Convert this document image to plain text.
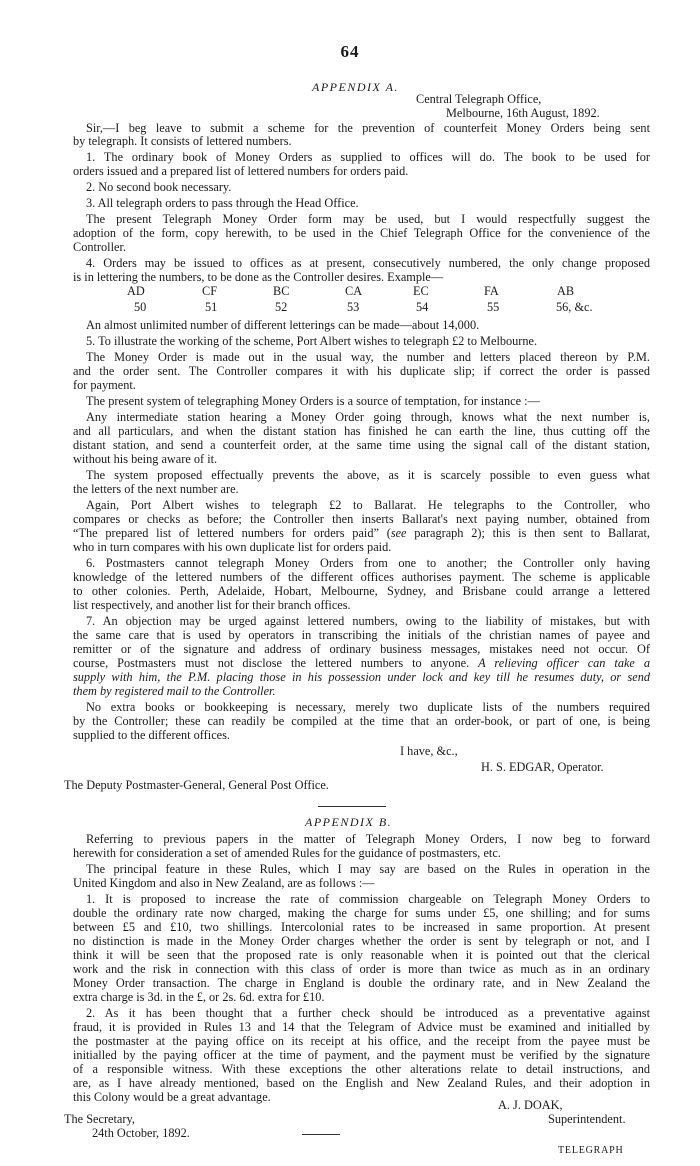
64
APPENDIX A.
Central Telegraph Office,
Melbourne, 16th August, 1892.
Sir,—I beg leave to submit a scheme for the prevention of counterfeit Money Orders being sent
by telegraph. It consists of lettered numbers.
1. The ordinary book of Money Orders as supplied to offices will do. The book to be used for
orders issued and a prepared list of lettered numbers for orders paid.
2. No second book necessary.
3. All telegraph orders to pass through the Head Office.
The present Telegraph Money Order form may be used, but I would respectfully suggest the
adoption of the form, copy herewith, to be used in the Chief Telegraph Office for the convenience of the
Controller.
4. Orders may be issued to offices as at present, consecutively numbered, the only change proposed
is in lettering the numbers, to be done as the Controller desires. Example—
AD	CF	BC	CA	EC	FA	AB
50	51	52	53	54	55	56, &c.
An almost unlimited number of different letterings can be made—about 14,000.
5. To illustrate the working of the scheme, Port Albert wishes to telegraph £2 to Melbourne.
The Money Order is made out in the usual way, the number and letters placed thereon by P.M.
and the order sent. The Controller compares it with his duplicate slip; if correct the order is passed
for payment.
The present system of telegraphing Money Orders is a source of temptation, for instance :—
Any intermediate station hearing a Money Order going through, knows what the next number is,
and all particulars, and when the distant station has finished he can earth the line, thus cutting off the
distant station, and send a counterfeit order, at the same time using the signal call of the distant station,
without his being aware of it.
The system proposed effectually prevents the above, as it is scarcely possible to even guess what
the letters of the next number are.
Again, Port Albert wishes to telegraph £2 to Ballarat. He telegraphs to the Controller, who
compares or checks as before; the Controller then inserts Ballarat's next paying number, obtained from
“The prepared list of lettered numbers for orders paid” (see paragraph 2); this is then sent to Ballarat,
who in turn compares with his own duplicate list for orders paid.
6. Postmasters cannot telegraph Money Orders from one to another; the Controller only having
knowledge of the lettered numbers of the different offices authorises payment. The scheme is applicable
to other colonies. Perth, Adelaide, Hobart, Melbourne, Sydney, and Brisbane could arrange a lettered
list respectively, and another list for their branch offices.
7. An objection may be urged against lettered numbers, owing to the liability of mistakes, but with
the same care that is used by operators in transcribing the initials of the christian names of payee and
remitter or of the signature and address of ordinary business messages, mistakes need not occur. Of
course, Postmasters must not disclose the lettered numbers to anyone. A relieving officer can take a
supply with him, the P.M. placing those in his possession under lock and key till he resumes duty, or send
them by registered mail to the Controller.
No extra books or bookkeeping is necessary, merely two duplicate lists of the numbers required
by the Controller; these can readily be compiled at the time that an order-book, or part of one, is being
supplied to the different offices.
I have, &c.,
H. S. EDGAR, Operator.
The Deputy Postmaster-General, General Post Office.
APPENDIX B.
Referring to previous papers in the matter of Telegraph Money Orders, I now beg to forward
herewith for consideration a set of amended Rules for the guidance of postmasters, etc.
The principal feature in these Rules, which I may say are based on the Rules in operation in the
United Kingdom and also in New Zealand, are as follows :—
1. It is proposed to increase the rate of commission chargeable on Telegraph Money Orders to
double the ordinary rate now charged, making the charge for sums under £5, one shilling; and for sums
between £5 and £10, two shillings. Intercolonial rates to be increased in same proportion. At present
no distinction is made in the Money Order charges whether the order is sent by telegraph or not, and I
think it will be seen that the proposed rate is only reasonable when it is pointed out that the clerical
work and the risk in connection with this class of order is more than twice as much as in an ordinary
Money Order transaction. The charge in England is double the ordinary rate, and in New Zealand the
extra charge is 3d. in the £, or 2s. 6d. extra for £10.
2. As it has been thought that a further check should be introduced as a preventative against
fraud, it is provided in Rules 13 and 14 that the Telegram of Advice must be examined and initialled by
the postmaster at the paying office on its receipt at his office, and the receipt from the payee must be
initialled by the paying officer at the time of payment, and the payment must be verified by the signature
of a responsible witness. With these exceptions the other alterations relate to detail instructions, and
are, as I have already mentioned, based on the English and New Zealand Rules, and their adoption in
this Colony would be a great advantage.
A. J. DOAK,
Superintendent.
The Secretary,
24th October, 1892.
TELEGRAPH
